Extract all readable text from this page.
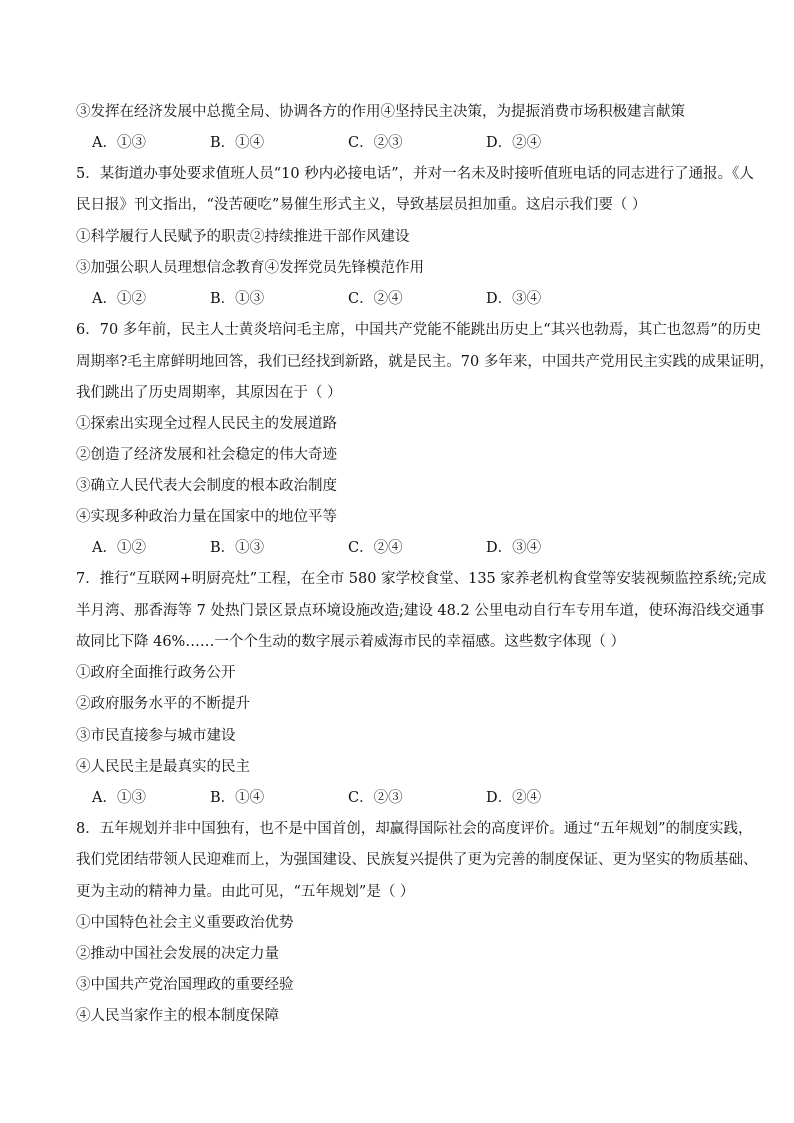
③发挥在经济发展中总揽全局、协调各方的作用④坚持民主决策，为提振消费市场积极建言献策
A．①③	B．①④	C．②③	D．②④
5．某街道办事处要求值班人员“10 秒内必接电话”，并对一名未及时接听值班电话的同志进行了通报。《人
民日报》刊文指出，“没苦硬吃”易催生形式主义，导致基层员担加重。这启示我们要（ ）
①科学履行人民赋予的职责②持续推进干部作风建设
③加强公职人员理想信念教育④发挥党员先锋模范作用
A．①②	B．①③	C．②④	D．③④
6．70 多年前，民主人士黄炎培问毛主席，中国共产党能不能跳出历史上“其兴也勃焉，其亡也忽焉”的历史
周期率?毛主席鲜明地回答，我们已经找到新路，就是民主。70 多年来，中国共产党用民主实践的成果证明，
我们跳出了历史周期率，其原因在于（ ）
①探索出实现全过程人民民主的发展道路
②创造了经济发展和社会稳定的伟大奇迹
③确立人民代表大会制度的根本政治制度
④实现多种政治力量在国家中的地位平等
A．①②	B．①③	C．②④	D．③④
7．推行“互联网+明厨亮灶”工程，在全市 580 家学校食堂、135 家养老机构食堂等安装视频监控系统;完成
半月湾、那香海等 7 处热门景区景点环境设施改造;建设 48.2 公里电动自行车专用车道，使环海沿线交通事
故同比下降 46%……一个个生动的数字展示着威海市民的幸福感。这些数字体现（ ）
①政府全面推行政务公开
②政府服务水平的不断提升
③市民直接参与城市建设
④人民民主是最真实的民主
A．①③	B．①④	C．②③	D．②④
8．五年规划并非中国独有，也不是中国首创，却赢得国际社会的高度评价。通过“五年规划”的制度实践，
我们党团结带领人民迎难而上，为强国建设、民族复兴提供了更为完善的制度保证、更为坚实的物质基础、
更为主动的精神力量。由此可见，“五年规划”是（ ）
①中国特色社会主义重要政治优势
②推动中国社会发展的决定力量
③中国共产党治国理政的重要经验
④人民当家作主的根本制度保障
